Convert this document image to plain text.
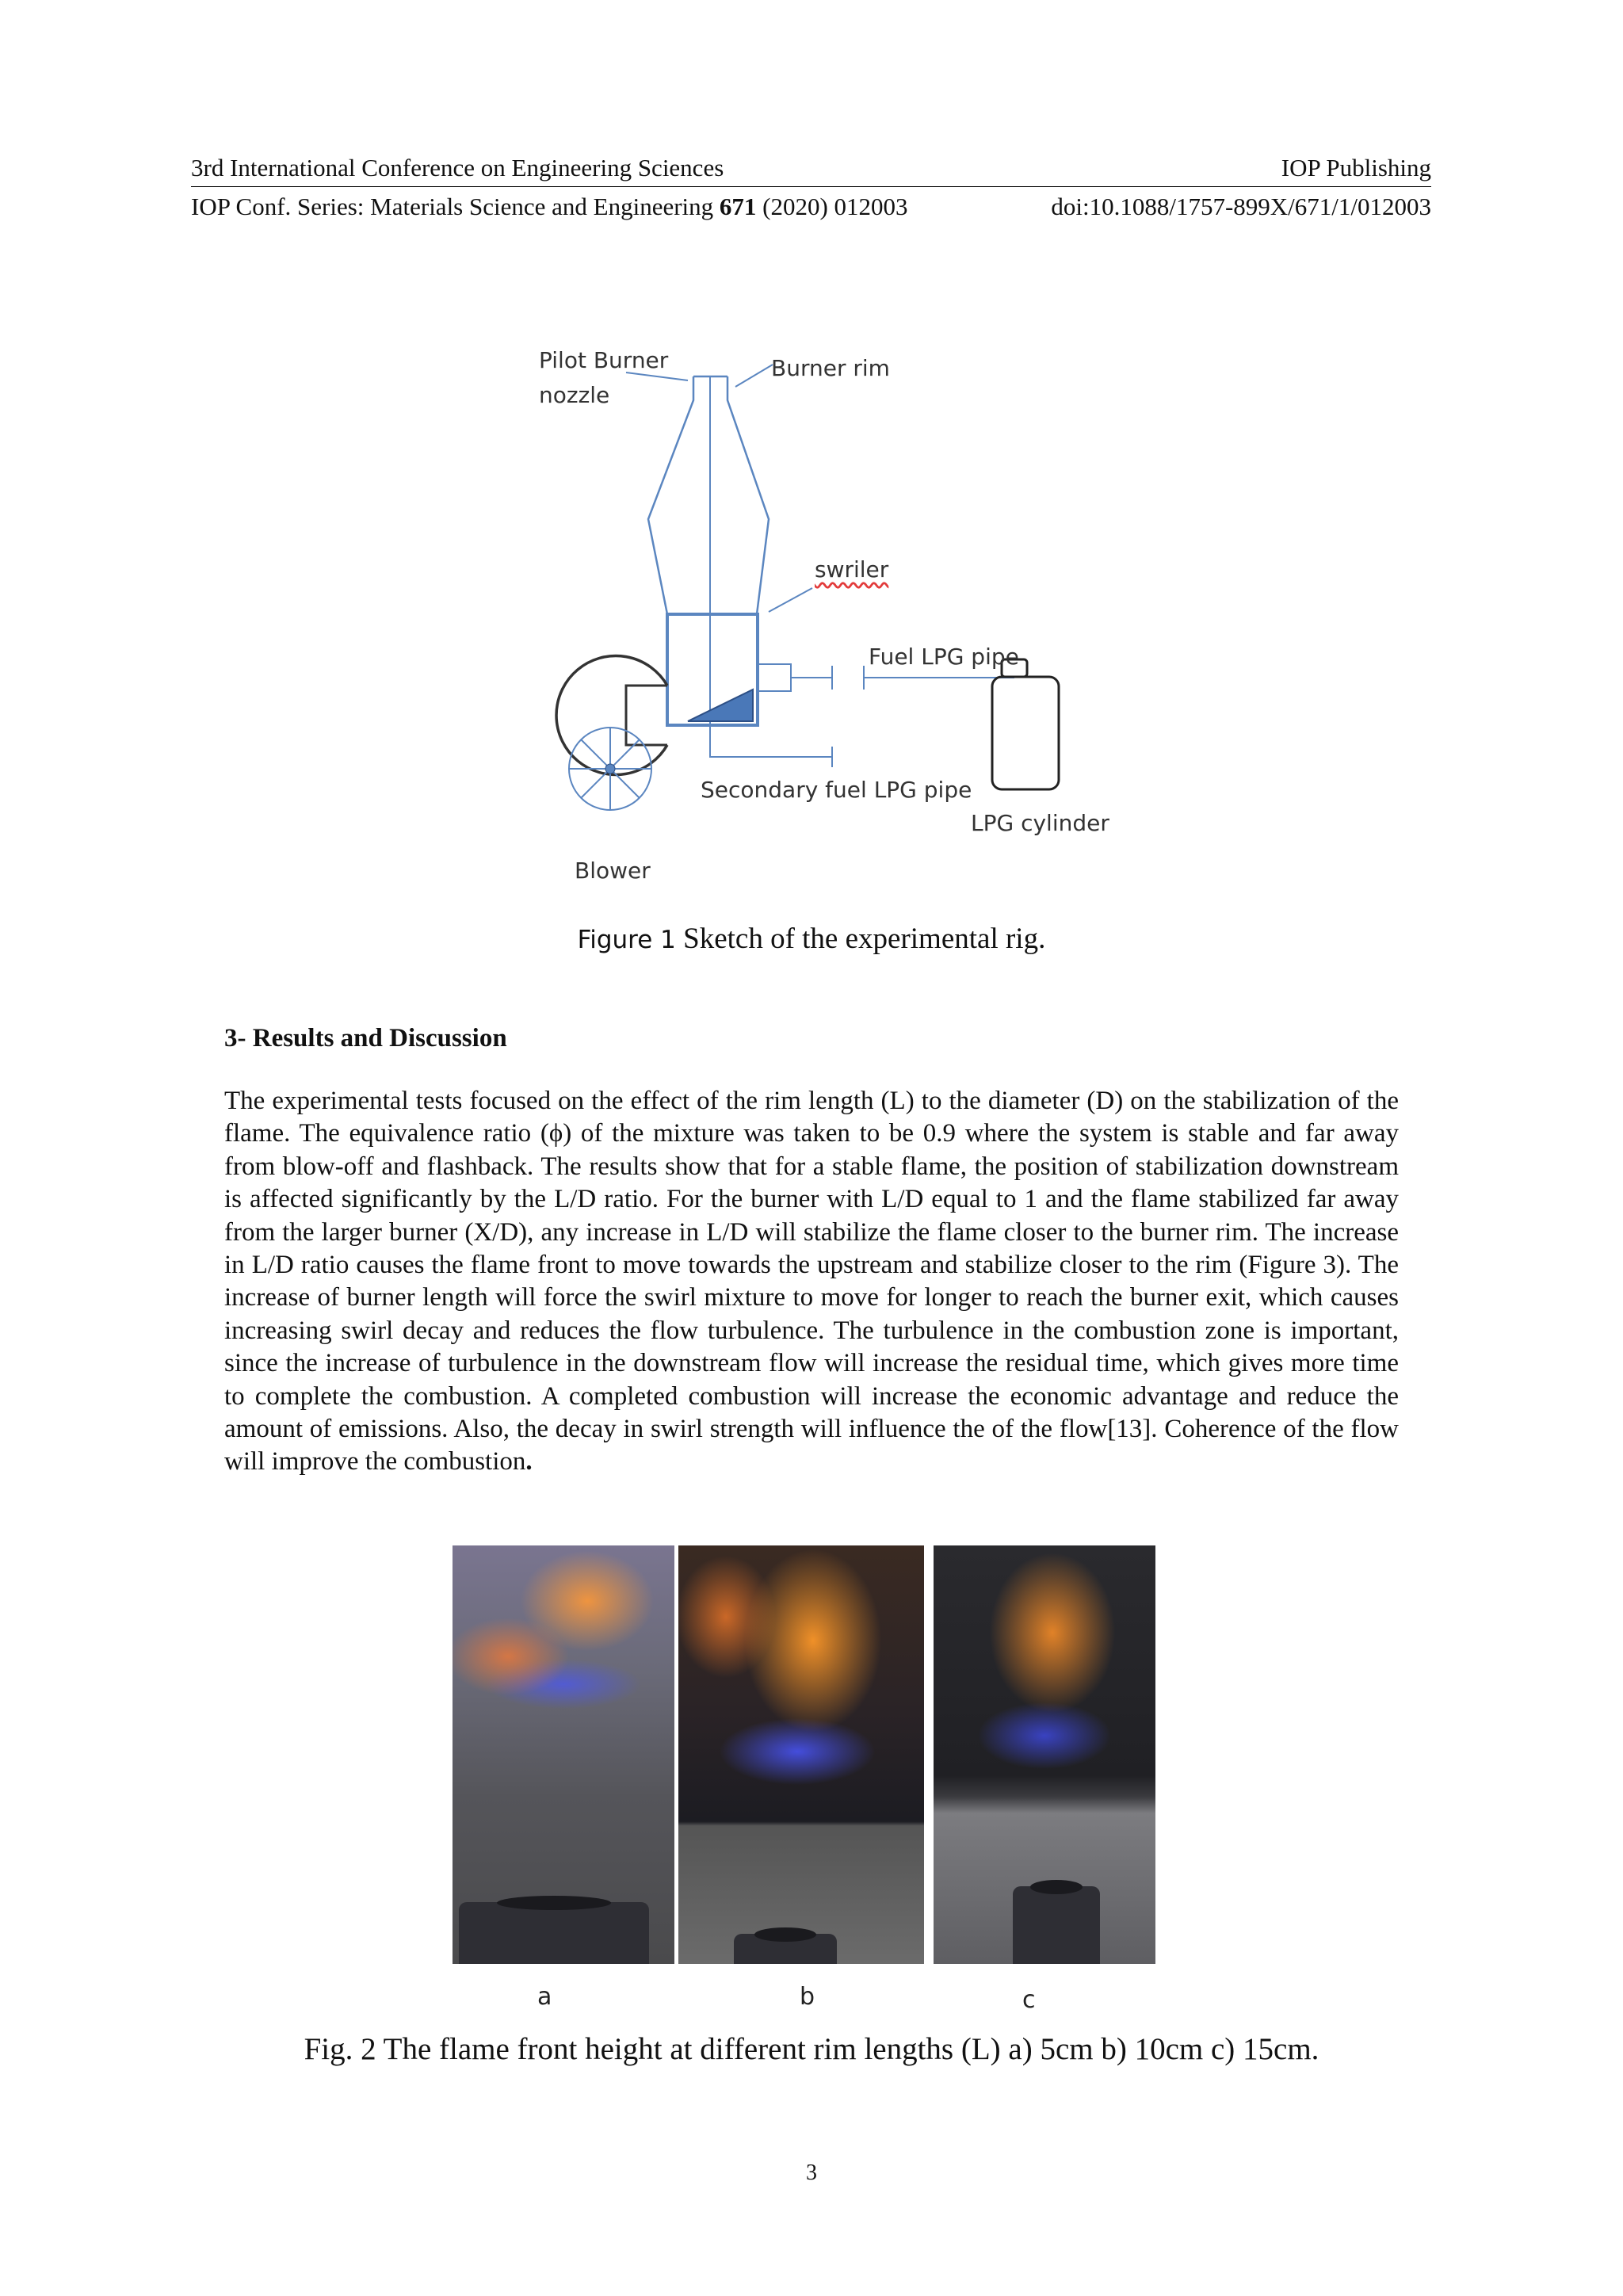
3rd International Conference on Engineering Sciences	IOP Publishing
IOP Conf. Series: Materials Science and Engineering 671 (2020) 012003	doi:10.1088/1757-899X/671/1/012003
Pilot Burner
nozzle
Burner rim
swriler
Fuel LPG pipe
Secondary fuel LPG pipe
LPG cylinder
Blower
Figure 1 Sketch of the experimental rig.
3- Results and Discussion

The experimental tests focused on the effect of the rim length (L) to the diameter (D) on the stabilization of the flame. The equivalence ratio (ϕ) of the mixture was taken to be 0.9 where the system is stable and far away from blow-off and flashback. The results show that for a stable flame, the position of stabilization downstream is affected significantly by the L/D ratio. For the burner with L/D equal to 1 and the flame stabilized far away from the larger burner (X/D), any increase in L/D will stabilize the flame closer to the burner rim. The increase in L/D ratio causes the flame front to move towards the upstream and stabilize closer to the rim (Figure 3). The increase of burner length will force the swirl mixture to move for longer to reach the burner exit, which causes increasing swirl decay and reduces the flow turbulence. The turbulence in the combustion zone is important, since the increase of turbulence in the downstream flow will increase the residual time, which gives more time to complete the combustion. A completed combustion will increase the economic advantage and reduce the amount of emissions. Also, the decay in swirl strength will influence the of the flow[13]. Coherence of the flow will improve the combustion.

a	b	c
Fig. 2 The flame front height at different rim lengths (L) a) 5cm b) 10cm c) 15cm.
3
